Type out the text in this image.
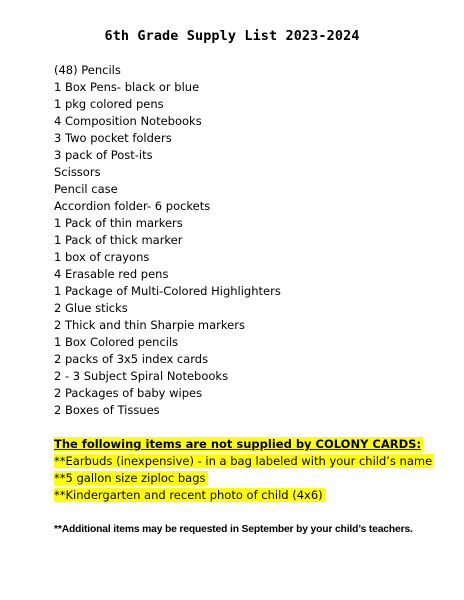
6th Grade Supply List 2023-2024
(48) Pencils
1 Box Pens- black or blue
1 pkg colored pens
4 Composition Notebooks
3 Two pocket folders
3 pack of Post-its
Scissors
Pencil case
Accordion folder- 6 pockets
1 Pack of thin markers
1 Pack of thick marker
1 box of crayons
4 Erasable red pens
1 Package of Multi-Colored Highlighters
2 Glue sticks
2 Thick and thin Sharpie markers
1 Box Colored pencils
2 packs of 3x5 index cards
2 - 3 Subject Spiral Notebooks
2 Packages of baby wipes
2 Boxes of Tissues
The following items are not supplied by COLONY CARDS:
**Earbuds (inexpensive) - in a bag labeled with your child’s name
**5 gallon size ziploc bags
**Kindergarten and recent photo of child (4x6)
**Additional items may be requested in September by your child’s teachers.
